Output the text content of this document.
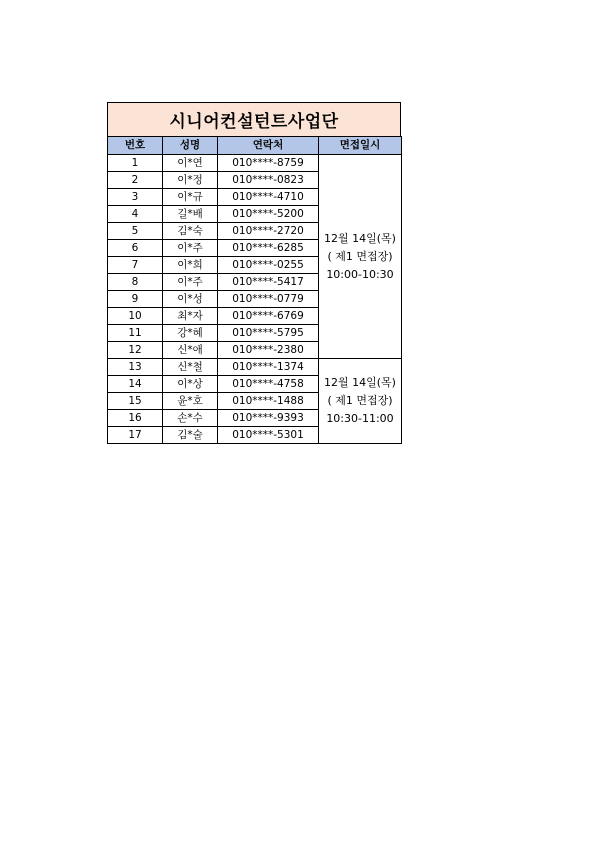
시니어컨설턴트사업단
번호	성명	연락처	면접일시
1	이*연	010****-8759	12월 14일(목)
( 제1 면접장)
10:00-10:30

2	이*정	010****-0823	
3	이*규	010****-4710	
4	길*배	010****-5200	
5	김*숙	010****-2720	
6	이*주	010****-6285	
7	이*희	010****-0255	
8	이*주	010****-5417	
9	이*성	010****-0779	
10	최*자	010****-6769	
11	강*혜	010****-5795	
12	신*애	010****-2380	
13	신*철	010****-1374	12월 14일(목)
( 제1 면접장)
10:30-11:00

14	이*상	010****-4758	
15	윤*호	010****-1488	
16	손*수	010****-9393	
17	김*술	010****-5301	
